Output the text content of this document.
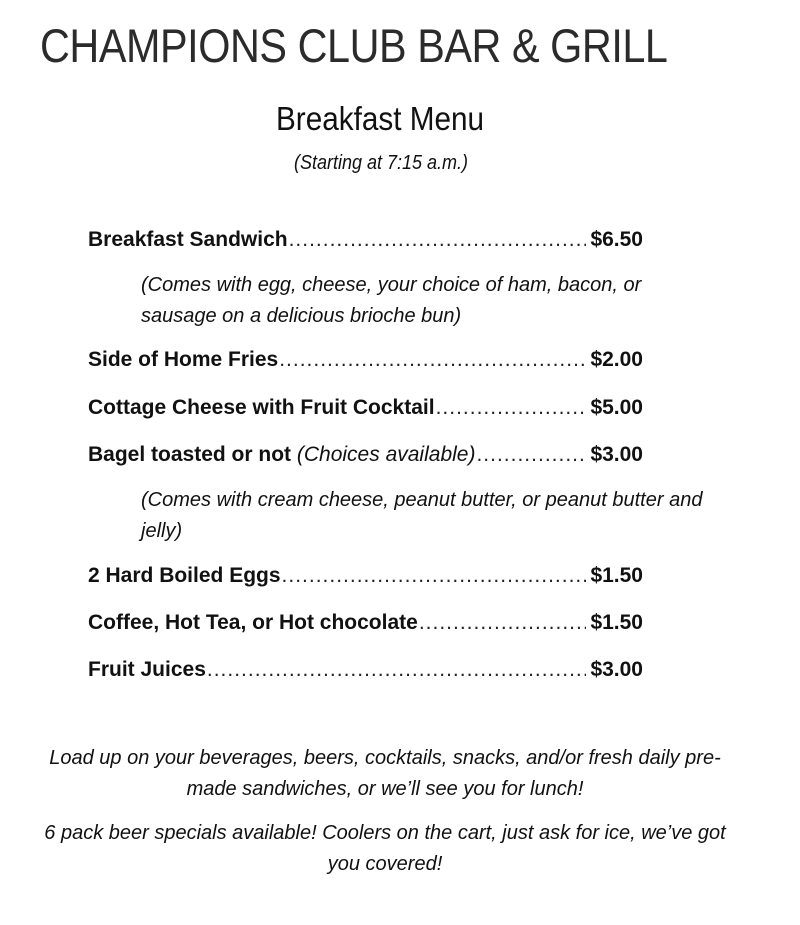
CHAMPIONS CLUB BAR & GRILL
Breakfast Menu
(Starting at 7:15 a.m.)
Breakfast Sandwich .....	$6.50
(Comes with egg, cheese, your choice of ham, bacon, or sausage on a delicious brioche bun)
Side of Home Fries .....	$2.00
Cottage Cheese with Fruit Cocktail .....	$5.00
Bagel toasted or not (Choices available) .....	$3.00
(Comes with cream cheese, peanut butter, or peanut butter and jelly)
2 Hard Boiled Eggs .....	$1.50
Coffee, Hot Tea, or Hot chocolate .....	$1.50
Fruit Juices .....	$3.00
Load up on your beverages, beers, cocktails, snacks, and/or fresh daily pre-made sandwiches, or we’ll see you for lunch!
6 pack beer specials available! Coolers on the cart, just ask for ice, we’ve got you covered!
